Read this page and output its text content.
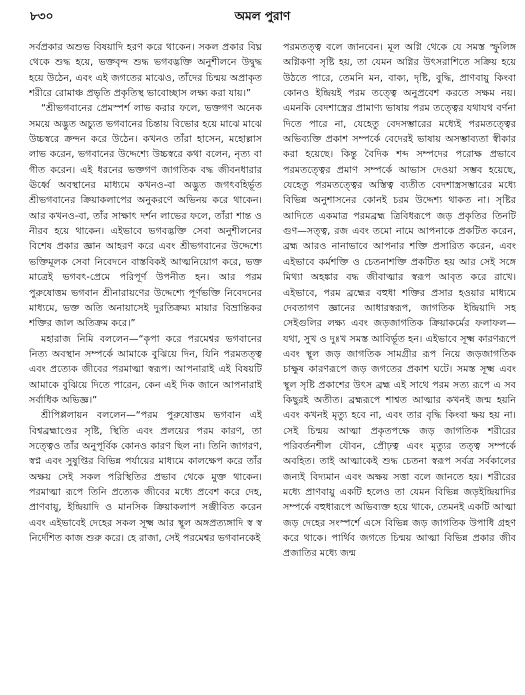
৮৩০	অমল পুরাণ

সর্বপ্রকার অশুভ বিষয়াদি হরণ করে থাকেন। সকল প্রকার বিঘ্ন থেকে শুদ্ধ হয়ে, ভক্তবৃন্দ শুদ্ধ ভগবদ্ভক্তি অনুশীলনে উদ্বুদ্ধ হয়ে উঠেন, এবং এই জগতের মাঝেও, তাঁদের চিন্ময় অপ্রাকৃত শরীরে রোমাঞ্চ প্রভৃতি প্রকৃতিস্থ ভাবোচ্ছাস লক্ষ্য করা যায়।”

“শ্রীভগবানের প্রেমস্পর্শ লাভ করার ফলে, ভক্তগণ অনেক সময়ে অদ্ভুত অচ্যুত ভগবানের চিন্তায় বিভোর হয়ে মাঝে মাঝে উচ্চস্বরে ক্রন্দন করে উঠেন। কখনও তাঁরা হাসেন, মহোল্লাস লাভ করেন, ভগবানের উদ্দেশ্যে উচ্চস্বরে কথা বলেন, নৃত্য বা গীত করেন। এই ধরনের ভক্তগণ জাগতিক বদ্ধ জীবনধারার ঊর্ধ্বে অবস্থানের মাধ্যমে কখনও-বা অদ্ভুত জগৎবহির্ভূত শ্রীভগবানের ক্রিয়াকলাপের অনুকরণে অভিনয় করে থাকেন। আর কখনও-বা, তাঁর সাক্ষাৎ দর্শন লাভের ফলে, তাঁরা শান্ত ও নীরব হয়ে থাকেন। এইভাবে ভগবদ্ভক্তি সেবা অনুশীলনের বিশেষ প্রকার জ্ঞান আহরণ করে এবং শ্রীভগবানের উদ্দেশ্যে ভক্তিমূলক সেবা নিবেদনে বাস্তবিকই আত্মনিয়োগ করে, ভক্ত মাত্রেই ভগবৎ-প্রেমে পরিপূর্ণ উপনীত হন। আর পরম পুরুষোত্তম ভগবান শ্রীনারায়ণের উদ্দেশ্যে পূর্ণভক্তি নিবেদনের মাধ্যমে, ভক্ত অতি অনায়াসেই দুরতিক্রম্য মায়ার বিভ্রান্তিকর শক্তির জাল অতিক্রম করে।”

মহারাজ নিমি বললেন—“কৃপা করে পরমেশ্বর ভগবানের নিত্য অবস্থান সম্পর্কে আমাকে বুঝিয়ে দিন, যিনি পরমতত্ত্ব এবং প্রত্যেক জীবের পরমাত্মা স্বরূপ। আপনারাই এই বিষয়টি আমাকে বুঝিয়ে দিতে পারেন, কেন এই দিক জানে আপনারাই সর্বাধিক অভিজ্ঞ।”

শ্রীপিপ্পলায়ন বললেন—“পরম পুরুষোত্তম ভগবান এই বিশ্বব্রহ্মাণ্ডের সৃষ্টি, স্থিতি এবং প্রলয়ের পরম কারণ, তা সত্ত্বেও তাঁর অনুপূর্বিক কোনও কারণ ছিল না। তিনি জাগরণ, স্বপ্ন এবং সুষুপ্তির বিভিন্ন পর্যায়ের মাধ্যমে কালক্ষেপ করে তাঁর অক্ষয় সেই সকল পরিস্থিতির প্রভাব থেকে মুক্ত থাকেন। পরমাত্মা রূপে তিনি প্রত্যেক জীবের মধ্যে প্রবেশ করে দেহ, প্রাণবায়ু, ইন্দ্রিয়াদি ও মানসিক ক্রিয়াকলাপ সঞ্জীবিত করেন এবং এইভাবেই দেহের সকল সূক্ষ্ম আর স্থূল অঙ্গপ্রত্যঙ্গাদি স্ব স্ব নির্দেশিত কাজ শুরু করে। হে রাজা, সেই পরমেশ্বর ভগবানকেই

পরমতত্ত্ব বলে জানবেন। মূল অগ্নি থেকে যে সমস্ত স্ফুলিঙ্গ অগ্নিকণা সৃষ্টি হয়, তা যেমন অগ্নির উৎসরাশিতে সক্রিয় হয়ে উঠতে পারে, তেমনি মন, বাক্য, দৃষ্টি, বুদ্ধি, প্রাণবায়ু কিংবা কোনও ইন্দ্রিয়ই পরম তত্ত্বে অনুপ্রবেশ করতে সক্ষম নয়। এমনকি বেদশাস্ত্রের প্রামাণ্য ভাষায় পরম তত্ত্বের যথাযথ বর্ণনা দিতে পারে না, যেহেতু বেদসম্ভারের মধ্যেই পরমতত্ত্বের অভিব্যক্তি প্রকাশ সম্পর্কে বেদেরই ভাষায় অসম্ভাব্যতা স্বীকার করা হয়েছে। কিন্তু বৈদিক শব্দ সম্পদের পরোক্ষ প্রভাবে পরমতত্ত্বের প্রমাণ সম্পর্কে আভাস দেওয়া সম্ভব হয়েছে, যেহেতু পরমতত্ত্বের অস্তিত্ব ব্যতীত বেদশাস্ত্রসম্ভারের মধ্যে বিভিন্ন অনুশাসনের কোনই চরম উদ্দেশ্য থাকত না। সৃষ্টির আদিতে একমাত্র পরমব্রহ্ম ত্রিবিধরূপে জড় প্রকৃতির তিনটি গুণ—সত্ত্ব, রজ এবং তমো নামে আপনাকে প্রকটিত করেন, ব্রহ্ম আরও নানাভাবে আপনার শক্তি প্রসারিত করেন, এবং এইভাবে কর্মশক্তি ও চেতনাশক্তি প্রকটিত হয় আর সেই সঙ্গে মিথ্যা অহঙ্কার বদ্ধ জীবাত্মার স্বরূপ আবৃত করে রাখে। এইভাবে, পরম ব্রহ্মের বহুধা শক্তির প্রসার হওয়ার মাধ্যমে দেবতাগণ জ্ঞানের আধারস্বরূপ, জাগতিক ইন্দ্রিয়াদি সহ সেইগুলির লক্ষ্য এবং জড়জাগতিক ক্রিয়াকর্মের ফলাফল—যথা, সুখ ও দুঃখ সমস্ত আবির্ভূত হন। এইভাবে সূক্ষ্ম কারণরূপে এবং স্থূল জড় জাগতিক সামগ্রীর রূপ নিয়ে জড়জাগতিক চাক্ষুষ কারণরূপে জড় জগতের প্রকাশ ঘটে। সমস্ত সূক্ষ্ম এবং স্থূল সৃষ্টি প্রকাশের উৎস ব্রহ্ম এই সাথে পরম সত্য রূপে এ সব কিছুরই অতীত। ব্রহ্মরূপে শাশ্বত আত্মার কখনই জন্ম হয়নি এবং কখনই মৃত্যু হবে না, এবং তার বৃদ্ধি কিংবা ক্ষয় হয় না। সেই চিন্ময় আত্মা প্রকৃতপক্ষে জড় জাগতিক শরীরের পরিবর্তনশীল যৌবন, প্রৌঢ়ত্ব এবং মৃত্যুর তত্ত্ব সম্পর্কে অবহিত। তাই আত্মাকেই শুদ্ধ চেতনা স্বরূপ সর্বত্র সর্বকালের জন্যই বিদ্যমান এবং অক্ষয় সত্তা বলে জানতে হয়। শরীরের মধ্যে প্রাণবায়ু একটি হলেও তা যেমন বিভিন্ন জড়ইন্দ্রিয়াদির সম্পর্কে বহুধারূপে অভিব্যক্ত হয়ে থাকে, তেমনই একটি আত্মা জড় দেহের সংস্পর্শে এসে বিভিন্ন জড় জাগতিক উপাধি গ্রহণ করে থাকে। পার্থিব জগতে চিন্ময় আত্মা বিভিন্ন প্রকার জীব প্রজাতির মধ্যে জন্ম
